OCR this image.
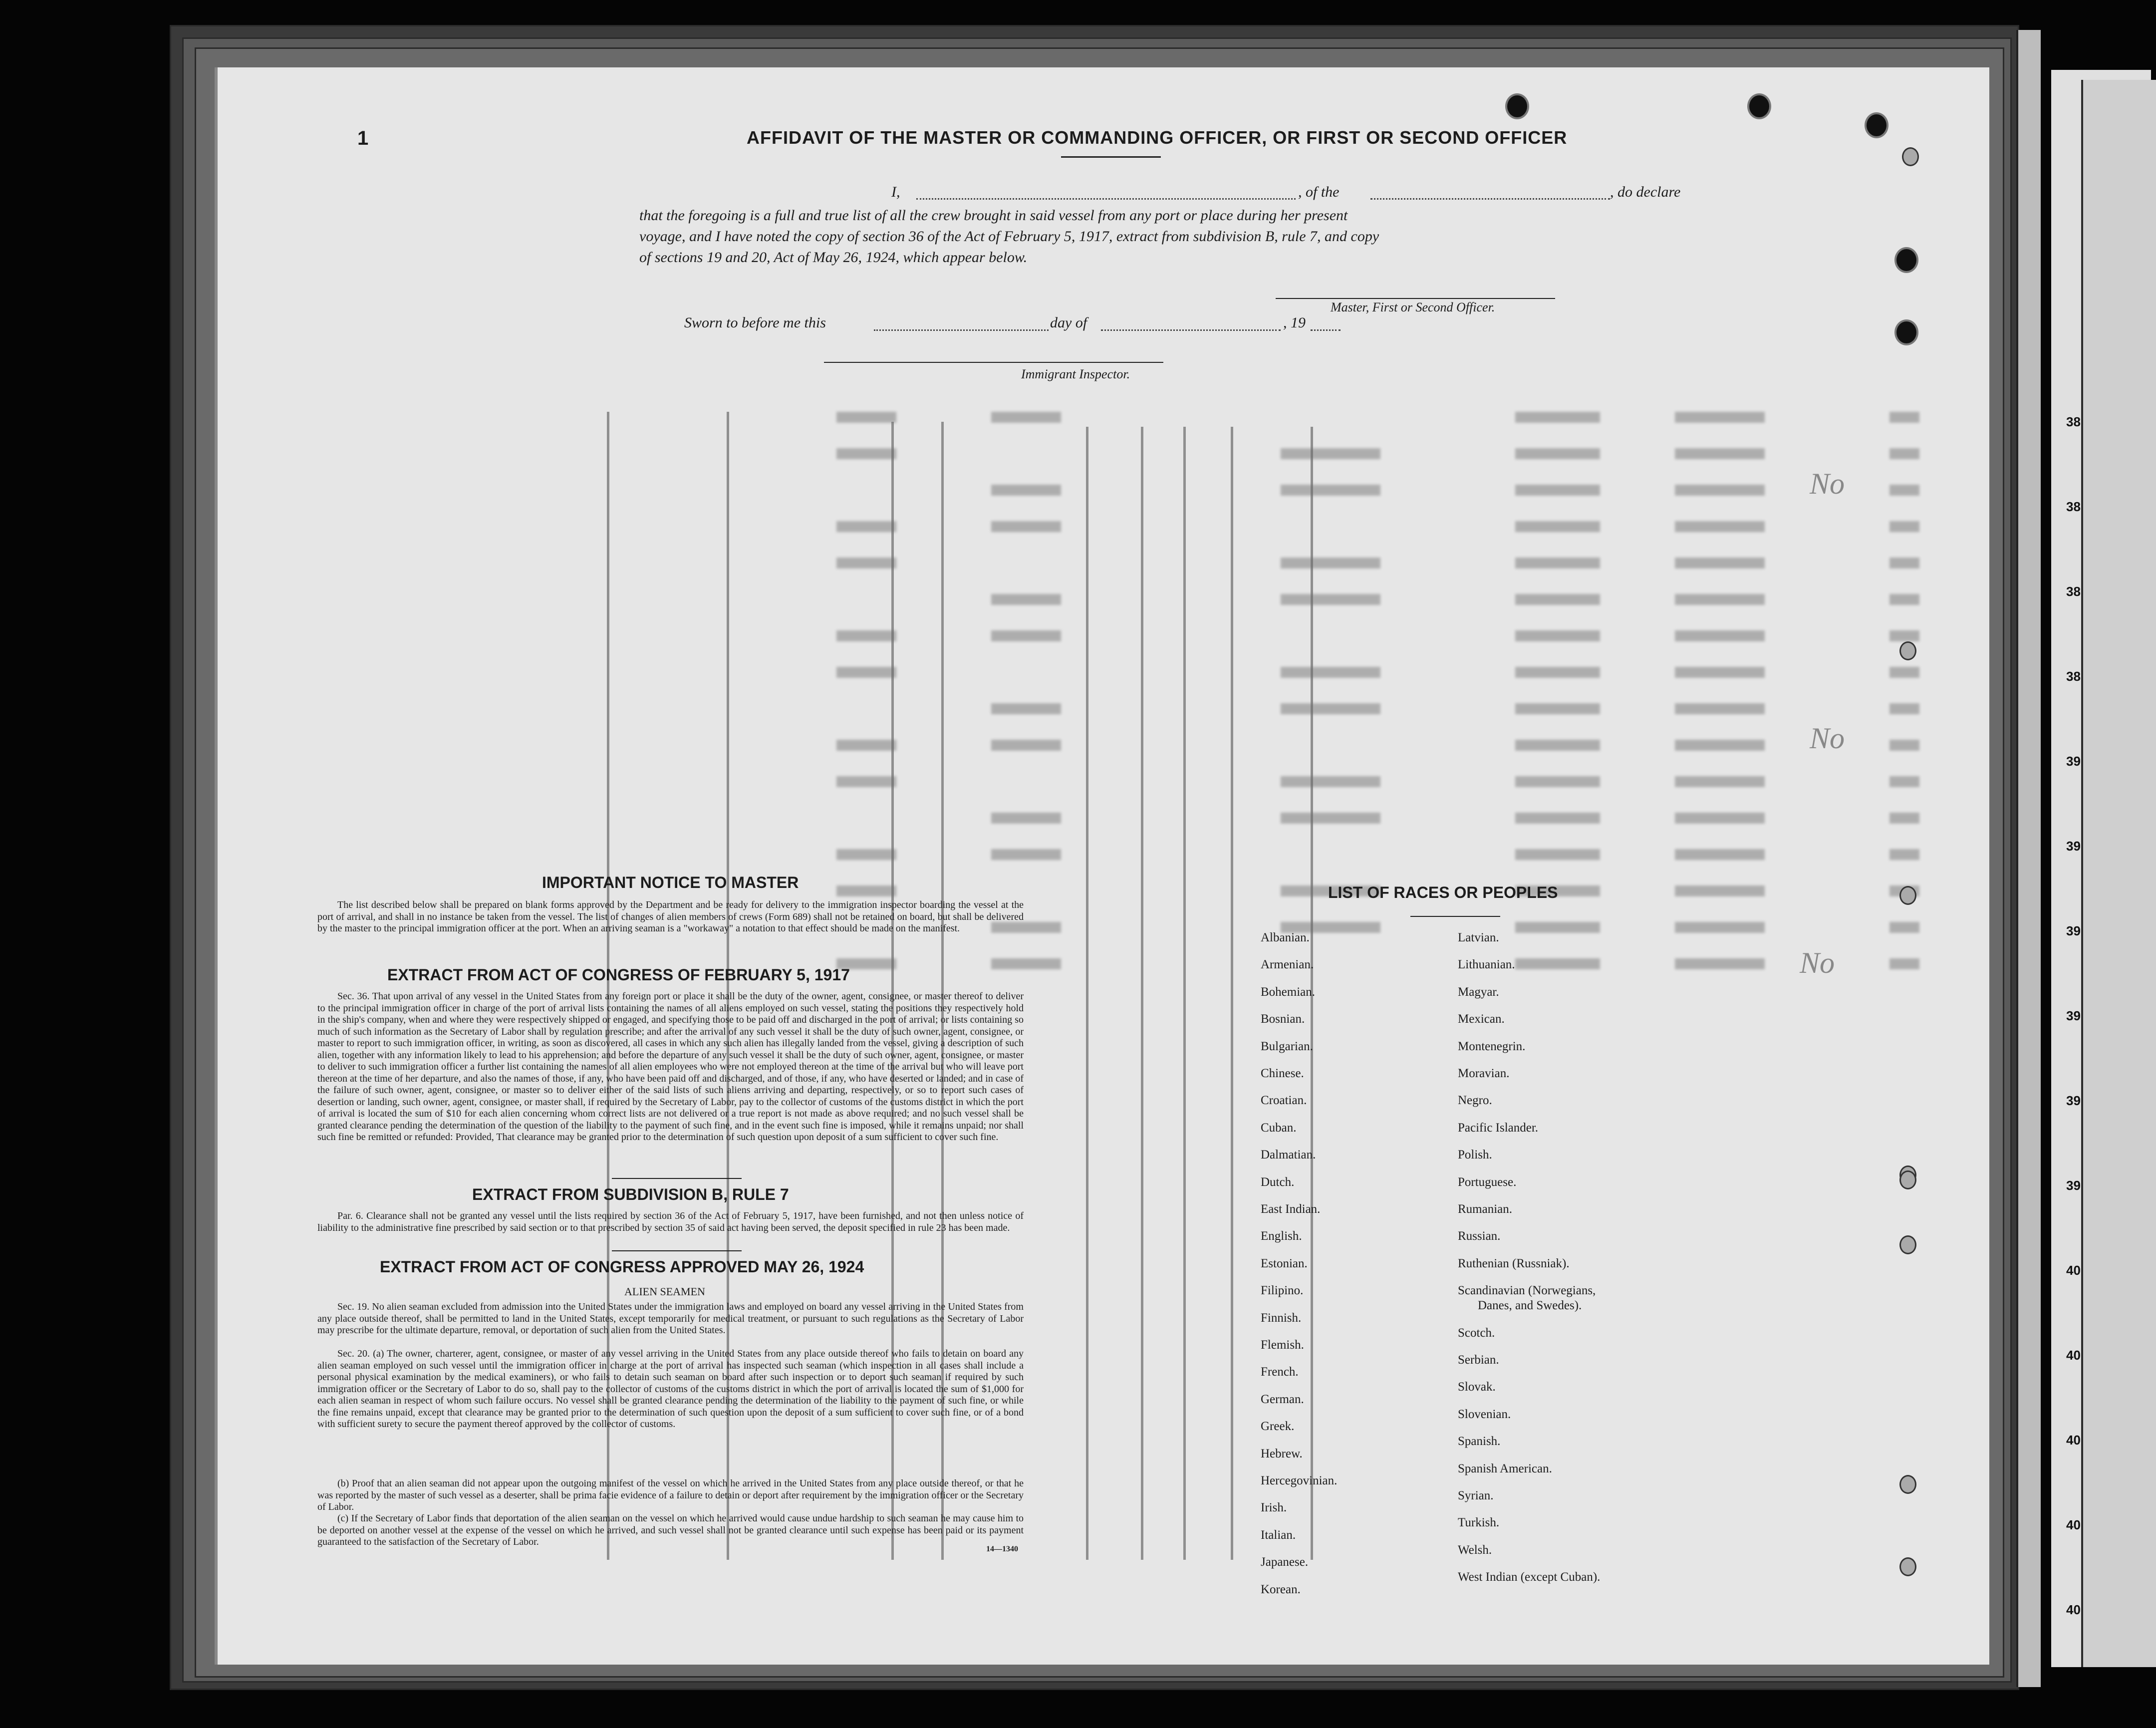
1	AFFIDAVIT OF THE MASTER OR COMMANDING OFFICER, OR FIRST OR SECOND OFFICER
I,	, of the	, do declare
that the foregoing is a full and true list of all the crew brought in said vessel from any port or place during her present
voyage, and I have noted the copy of section 36 of the Act of February 5, 1917, extract from subdivision B, rule 7, and copy
of sections 19 and 20, Act of May 26, 1924, which appear below.
Master, First or Second Officer.
Sworn to before me this	day of	, 19
Immigrant Inspector.
No
No
No
IMPORTANT NOTICE TO MASTER
The list described below shall be prepared on blank forms approved by the Department and be ready for delivery to the immigration inspector boarding the vessel at the port of arrival, and shall in no instance be taken from the vessel. The list of changes of alien members of crews (Form 689) shall not be retained on board, but shall be delivered by the master to the principal immigration officer at the port. When an arriving seaman is a "workaway" a notation to that effect should be made on the manifest.
EXTRACT FROM ACT OF CONGRESS OF FEBRUARY 5, 1917
Sec. 36. That upon arrival of any vessel in the United States from any foreign port or place it shall be the duty of the owner, agent, consignee, or master thereof to deliver to the principal immigration officer in charge of the port of arrival lists containing the names of all aliens employed on such vessel, stating the positions they respectively hold in the ship's company, when and where they were respectively shipped or engaged, and specifying those to be paid off and discharged in the port of arrival; or lists containing so much of such information as the Secretary of Labor shall by regulation prescribe; and after the arrival of any such vessel it shall be the duty of such owner, agent, consignee, or master to report to such immigration officer, in writing, as soon as discovered, all cases in which any such alien has illegally landed from the vessel, giving a description of such alien, together with any information likely to lead to his apprehension; and before the departure of any such vessel it shall be the duty of such owner, agent, consignee, or master to deliver to such immigration officer a further list containing the names of all alien employees who were not employed thereon at the time of the arrival but who will leave port thereon at the time of her departure, and also the names of those, if any, who have been paid off and discharged, and of those, if any, who have deserted or landed; and in case of the failure of such owner, agent, consignee, or master so to deliver either of the said lists of such aliens arriving and departing, respectively, or so to report such cases of desertion or landing, such owner, agent, consignee, or master shall, if required by the Secretary of Labor, pay to the collector of customs of the customs district in which the port of arrival is located the sum of $10 for each alien concerning whom correct lists are not delivered or a true report is not made as above required; and no such vessel shall be granted clearance pending the determination of the question of the liability to the payment of such fine, and in the event such fine is imposed, while it remains unpaid; nor shall such fine be remitted or refunded: Provided, That clearance may be granted prior to the determination of such question upon deposit of a sum sufficient to cover such fine.
EXTRACT FROM SUBDIVISION B, RULE 7
Par. 6. Clearance shall not be granted any vessel until the lists required by section 36 of the Act of February 5, 1917, have been furnished, and not then unless notice of liability to the administrative fine prescribed by said section or to that prescribed by section 35 of said act having been served, the deposit specified in rule 23 has been made.
EXTRACT FROM ACT OF CONGRESS APPROVED MAY 26, 1924
ALIEN SEAMEN
Sec. 19. No alien seaman excluded from admission into the United States under the immigration laws and employed on board any vessel arriving in the United States from any place outside thereof, shall be permitted to land in the United States, except temporarily for medical treatment, or pursuant to such regulations as the Secretary of Labor may prescribe for the ultimate departure, removal, or deportation of such alien from the United States.
Sec. 20. (a) The owner, charterer, agent, consignee, or master of any vessel arriving in the United States from any place outside thereof who fails to detain on board any alien seaman employed on such vessel until the immigration officer in charge at the port of arrival has inspected such seaman (which inspection in all cases shall include a personal physical examination by the medical examiners), or who fails to detain such seaman on board after such inspection or to deport such seaman if required by such immigration officer or the Secretary of Labor to do so, shall pay to the collector of customs of the customs district in which the port of arrival is located the sum of $1,000 for each alien seaman in respect of whom such failure occurs. No vessel shall be granted clearance pending the determination of the liability to the payment of such fine, or while the fine remains unpaid, except that clearance may be granted prior to the determination of such question upon the deposit of a sum sufficient to cover such fine, or of a bond with sufficient surety to secure the payment thereof approved by the collector of customs.
(b) Proof that an alien seaman did not appear upon the outgoing manifest of the vessel on which he arrived in the United States from any place outside thereof, or that he was reported by the master of such vessel as a deserter, shall be prima facie evidence of a failure to detain or deport after requirement by the immigration officer or the Secretary of Labor.
(c) If the Secretary of Labor finds that deportation of the alien seaman on the vessel on which he arrived would cause undue hardship to such seaman he may cause him to be deported on another vessel at the expense of the vessel on which he arrived, and such vessel shall not be granted clearance until such expense has been paid or its payment guaranteed to the satisfaction of the Secretary of Labor.
14—1340
LIST OF RACES OR PEOPLES
Albanian.
Armenian.
Bohemian.
Bosnian.
Bulgarian.
Chinese.
Croatian.
Cuban.
Dalmatian.
Dutch.
East Indian.
English.
Estonian.
Filipino.
Finnish.
Flemish.
French.
German.
Greek.
Hebrew.
Hercegovinian.
Irish.
Italian.
Japanese.
Korean.
Latvian.
Lithuanian.
Magyar.
Mexican.
Montenegrin.
Moravian.
Negro.
Pacific Islander.
Polish.
Portuguese.
Rumanian.
Russian.
Ruthenian (Russniak).
Scandinavian (Norwegians,
Danes, and Swedes).
Scotch.
Serbian.
Slovak.
Slovenian.
Spanish.
Spanish American.
Syrian.
Turkish.
Welsh.
West Indian (except Cuban).
38
38
38
38
39
39
39
39
39
39
40
40
40
40
40
